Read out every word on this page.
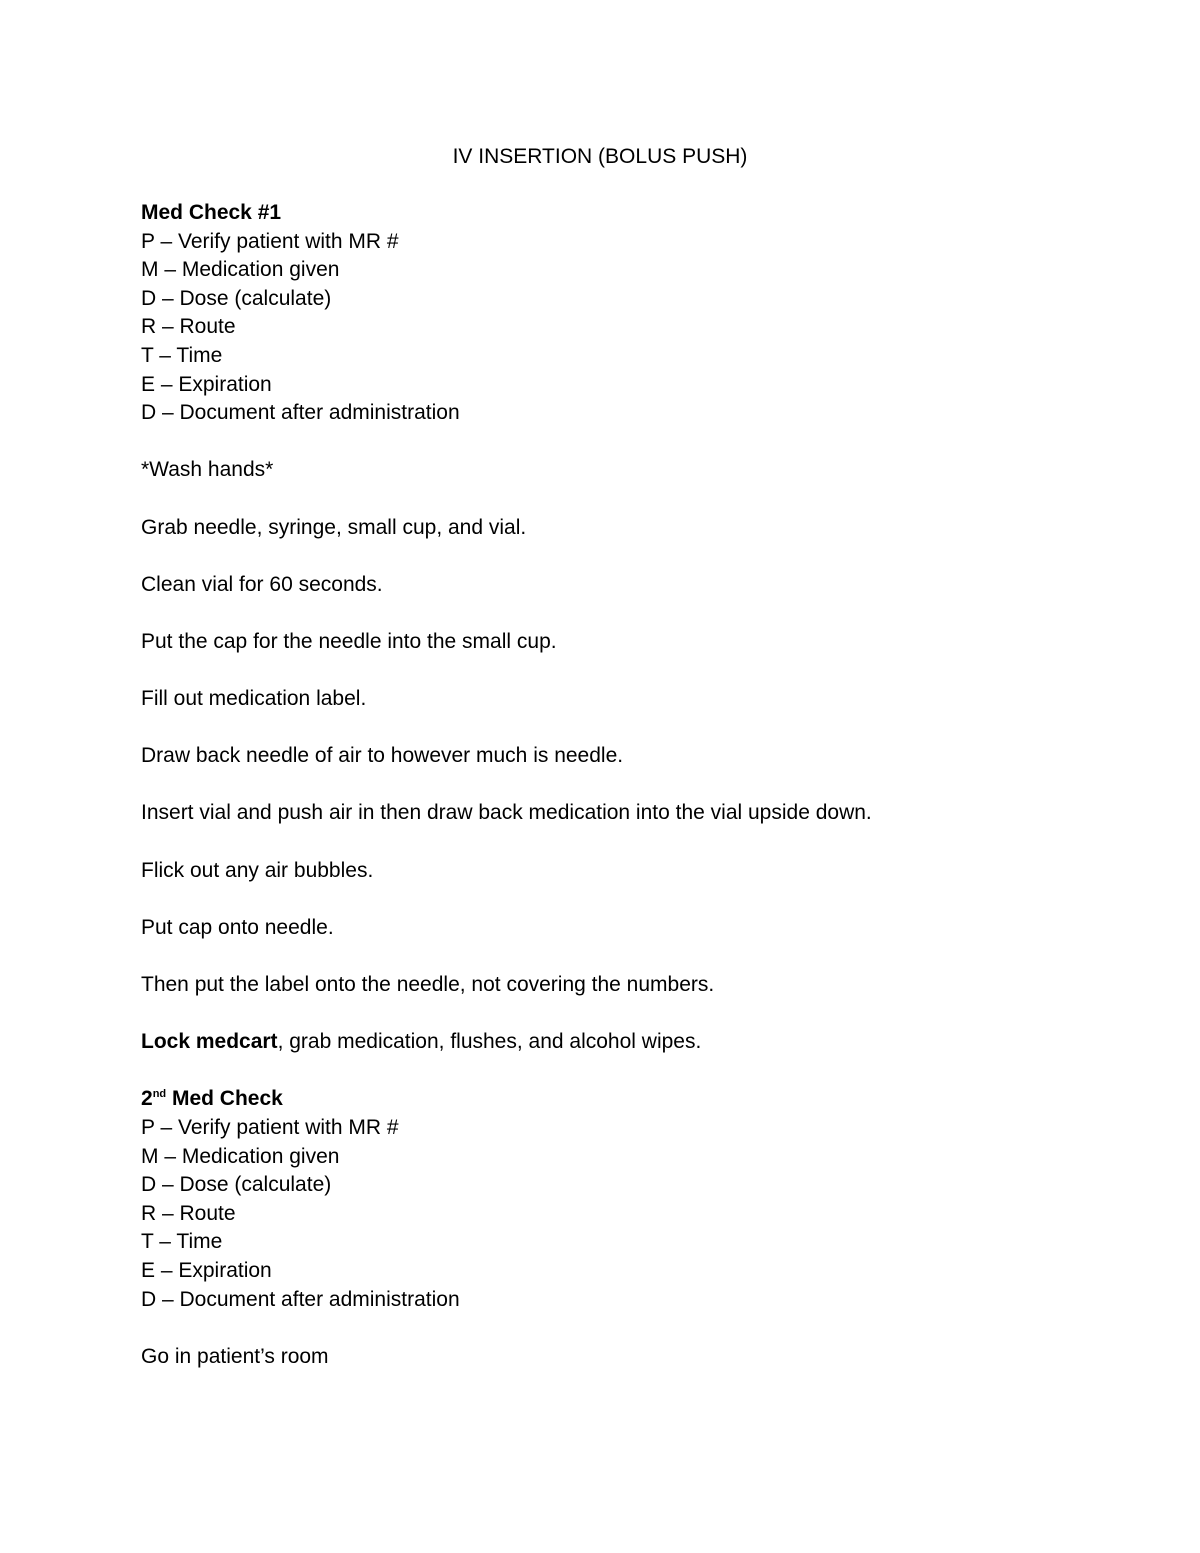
IV INSERTION (BOLUS PUSH)

Med Check #1

P – Verify patient with MR #

M – Medication given

D – Dose (calculate)

R – Route

T – Time

E – Expiration

D – Document after administration

*Wash hands*

Grab needle, syringe, small cup, and vial.

Clean vial for 60 seconds.

Put the cap for the needle into the small cup.

Fill out medication label.

Draw back needle of air to however much is needle.

Insert vial and push air in then draw back medication into the vial upside down.

Flick out any air bubbles.

Put cap onto needle.

Then put the label onto the needle, not covering the numbers.

Lock medcart, grab medication, flushes, and alcohol wipes.

2nd Med Check

P – Verify patient with MR #

M – Medication given

D – Dose (calculate)

R – Route

T – Time

E – Expiration

D – Document after administration

Go in patient’s room
